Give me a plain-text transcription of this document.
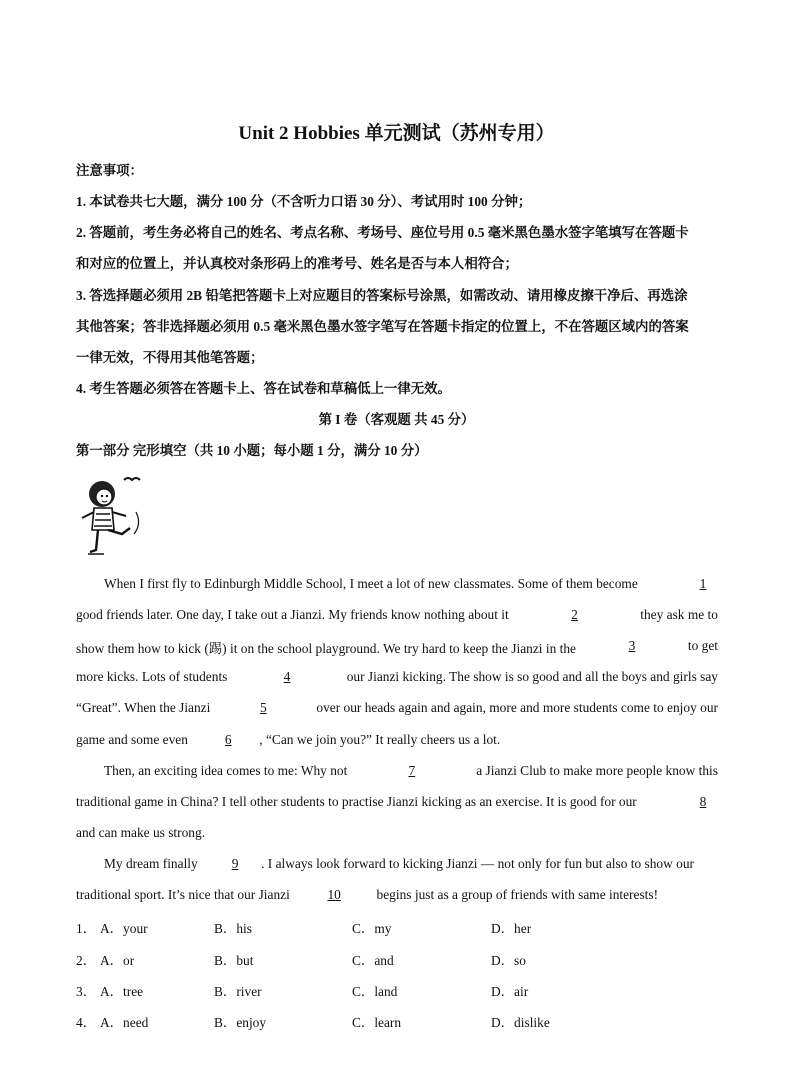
Unit 2 Hobbies 单元测试（苏州专用）
注意事项：
1. 本试卷共七大题，满分 100 分（不含听力口语 30 分）、考试用时 100 分钟；
2. 答题前，考生务必将自己的姓名、考点名称、考场号、座位号用 0.5 毫米黑色墨水签字笔填写在答题卡
和对应的位置上，并认真校对条形码上的准考号、姓名是否与本人相符合；
3. 答选择题必须用 2B 铅笔把答题卡上对应题目的答案标号涂黑，如需改动、请用橡皮擦干净后、再选涂
其他答案；答非选择题必须用 0.5 毫米黑色墨水签字笔写在答题卡指定的位置上，不在答题区域内的答案
一律无效，不得用其他笔答题；
4. 考生答题必须答在答题卡上、答在试卷和草稿低上一律无效。
第 I 卷（客观题 共 45 分）
第一部分 完形填空（共 10 小题；每小题 1 分，满分 10 分）
When I first fly to Edinburgh Middle School, I meet a lot of new classmates. Some of them become	1
good friends later. One day, I take out a Jianzi. My friends know nothing about it	2	they ask me to
show them how to kick (踢) it on the school playground. We try hard to keep the Jianzi in the	3	to get
more kicks. Lots of students	4	our Jianzi kicking. The show is so good and all the boys and girls say
“Great”. When the Jianzi	5	over our heads again and again, more and more students come to enjoy our
game and some even	6 , “Can we join you?” It really cheers us a lot.
Then, an exciting idea comes to me: Why not	7	a Jianzi Club to make more people know this
traditional game in China? I tell other students to practise Jianzi kicking as an exercise. It is good for our	8
and can make us strong.
My dream finally	9 . I always look forward to kicking Jianzi — not only for fun but also to show our
traditional sport. It’s nice that our Jianzi	10	begins just as a group of friends with same interests!
1． A．your	B．his	C．my	D．her
2． A．or	B．but	C．and	D．so
3． A．tree	B．river	C．land	D．air
4． A．need	B．enjoy	C．learn	D．dislike
